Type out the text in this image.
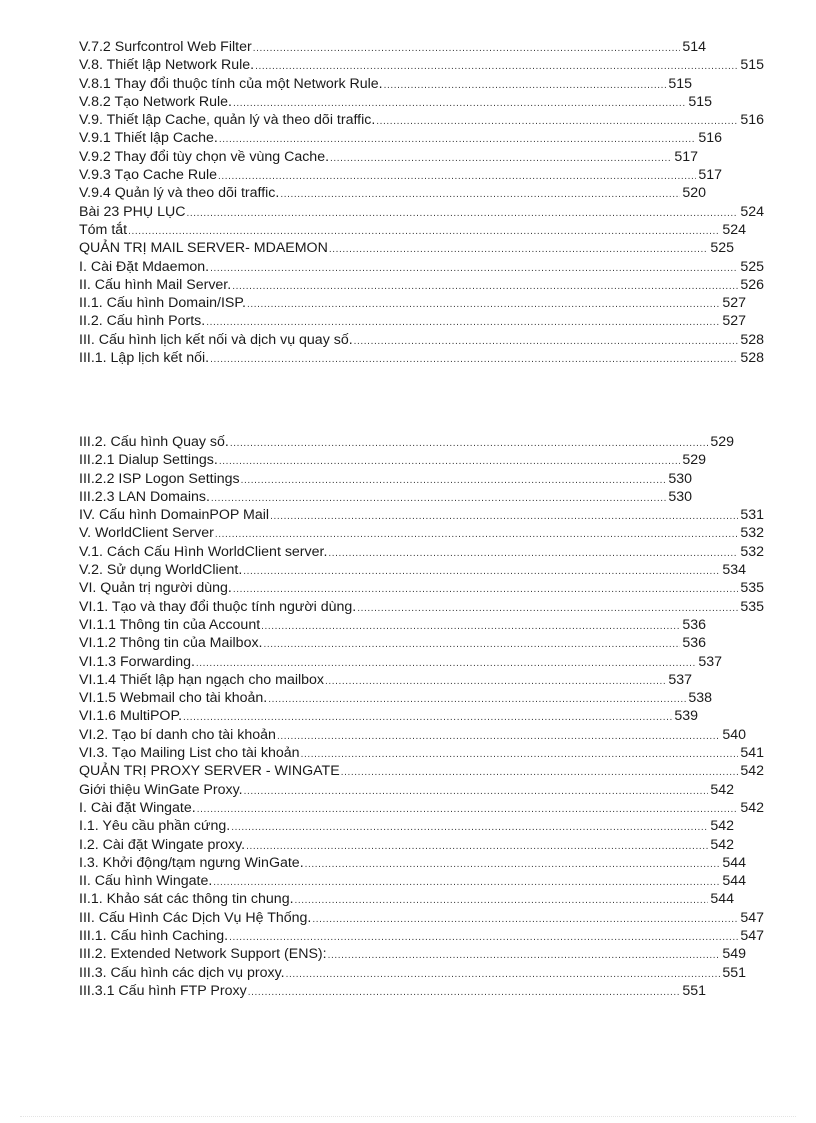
V.7.2 Surfcontrol Web Filter .....	514
V.8. Thiết lập Network Rule. .....	515
V.8.1 Thay đổi thuộc tính của một Network Rule. .....	515
V.8.2 Tạo Network Rule. .....	515
V.9. Thiết lập Cache, quản lý và theo dõi traffic. .....	516
V.9.1 Thiết lập Cache. .....	516
V.9.2 Thay đổi tùy chọn về vùng Cache. .....	517
V.9.3 Tạo Cache Rule .....	517
V.9.4 Quản lý và theo dõi traffic. .....	520
Bài 23 PHỤ LỤC .....	524
Tóm tắt .....	524
QUẢN TRỊ MAIL SERVER- MDAEMON .....	525
I. Cài Đặt Mdaemon. .....	525
II. Cấu hình Mail Server. .....	526
II.1. Cấu hình Domain/ISP. .....	527
II.2. Cấu hình Ports. .....	527
III. Cấu hình lịch kết nối và dịch vụ quay số. .....	528
III.1. Lập lịch kết nối. .....	528
III.2. Cấu hình Quay số. .....	529
III.2.1 Dialup Settings. .....	529
III.2.2 ISP Logon Settings .....	530
III.2.3 LAN Domains. .....	530
IV. Cấu hình DomainPOP Mail .....	531
V. WorldClient Server .....	532
V.1. Cách Cấu Hình WorldClient server. .....	532
V.2. Sử dụng WorldClient. .....	534
VI. Quản trị người dùng. .....	535
VI.1. Tạo và thay đổi thuộc tính người dùng. .....	535
VI.1.1 Thông tin của Account .....	536
VI.1.2 Thông tin của Mailbox. .....	536
VI.1.3 Forwarding. .....	537
VI.1.4 Thiết lập hạn ngạch cho mailbox .....	537
VI.1.5 Webmail cho tài khoản. .....	538
VI.1.6 MultiPOP. .....	539
VI.2. Tạo bí danh cho tài khoản .....	540
VI.3. Tạo Mailing List cho tài khoản .....	541
QUẢN TRỊ PROXY SERVER - WINGATE .....	542
Giới thiệu WinGate Proxy. .....	542
I. Cài đặt Wingate. .....	542
I.1. Yêu cầu phần cứng. .....	542
I.2. Cài đặt Wingate proxy. .....	542
I.3. Khởi động/tạm ngưng WinGate. .....	544
II. Cấu hình Wingate. .....	544
II.1. Khảo sát các thông tin chung. .....	544
III. Cấu Hình Các Dịch Vụ Hệ Thống. .....	547
III.1. Cấu hình Caching. .....	547
III.2. Extended Network Support (ENS): .....	549
III.3. Cấu hình các dịch vụ proxy. .....	551
III.3.1 Cấu hình FTP Proxy .....	551
